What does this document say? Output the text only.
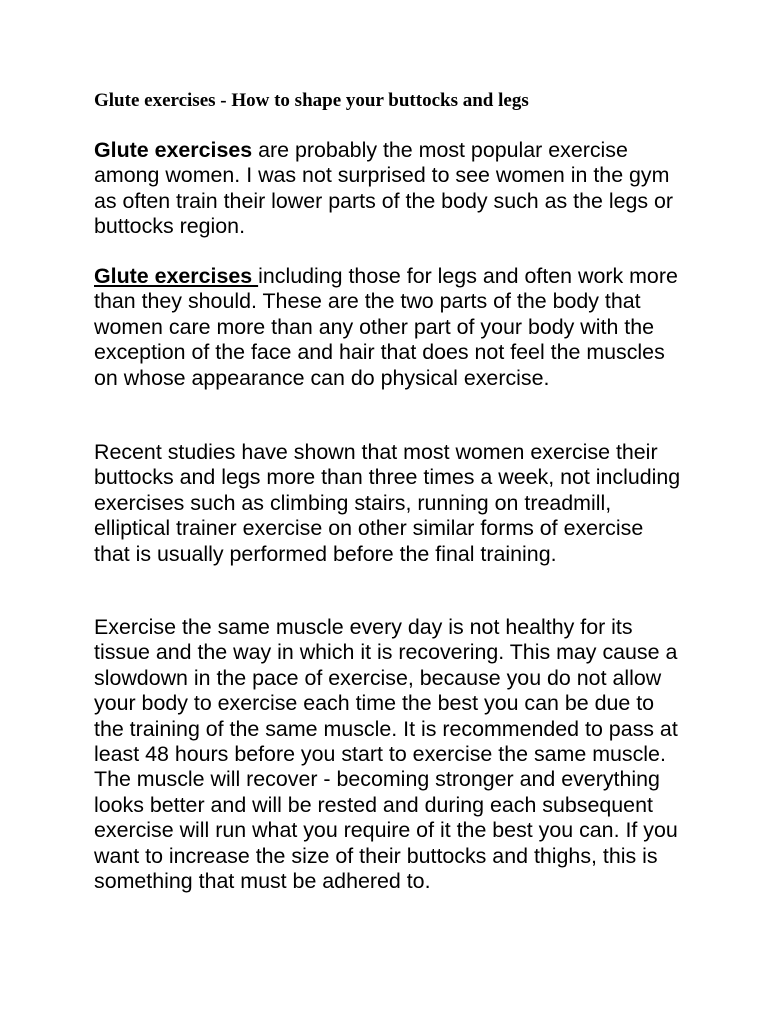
Glute exercises - How to shape your buttocks and legs

Glute exercises are probably the most popular exercise among women. I was not surprised to see women in the gym as often train their lower parts of the body such as the legs or buttocks region.

Glute exercises including those for legs and often work more than they should. These are the two parts of the body that women care more than any other part of your body with the exception of the face and hair that does not feel the muscles on whose appearance can do physical exercise.

Recent studies have shown that most women exercise their buttocks and legs more than three times a week, not including exercises such as climbing stairs, running on treadmill, elliptical trainer exercise on other similar forms of exercise that is usually performed before the final training.

Exercise the same muscle every day is not healthy for its tissue and the way in which it is recovering. This may cause a slowdown in the pace of exercise, because you do not allow your body to exercise each time the best you can be due to the training of the same muscle. It is recommended to pass at least 48 hours before you start to exercise the same muscle. The muscle will recover - becoming stronger and everything looks better and will be rested and during each subsequent exercise will run what you require of it the best you can. If you want to increase the size of their buttocks and thighs, this is something that must be adhered to.
